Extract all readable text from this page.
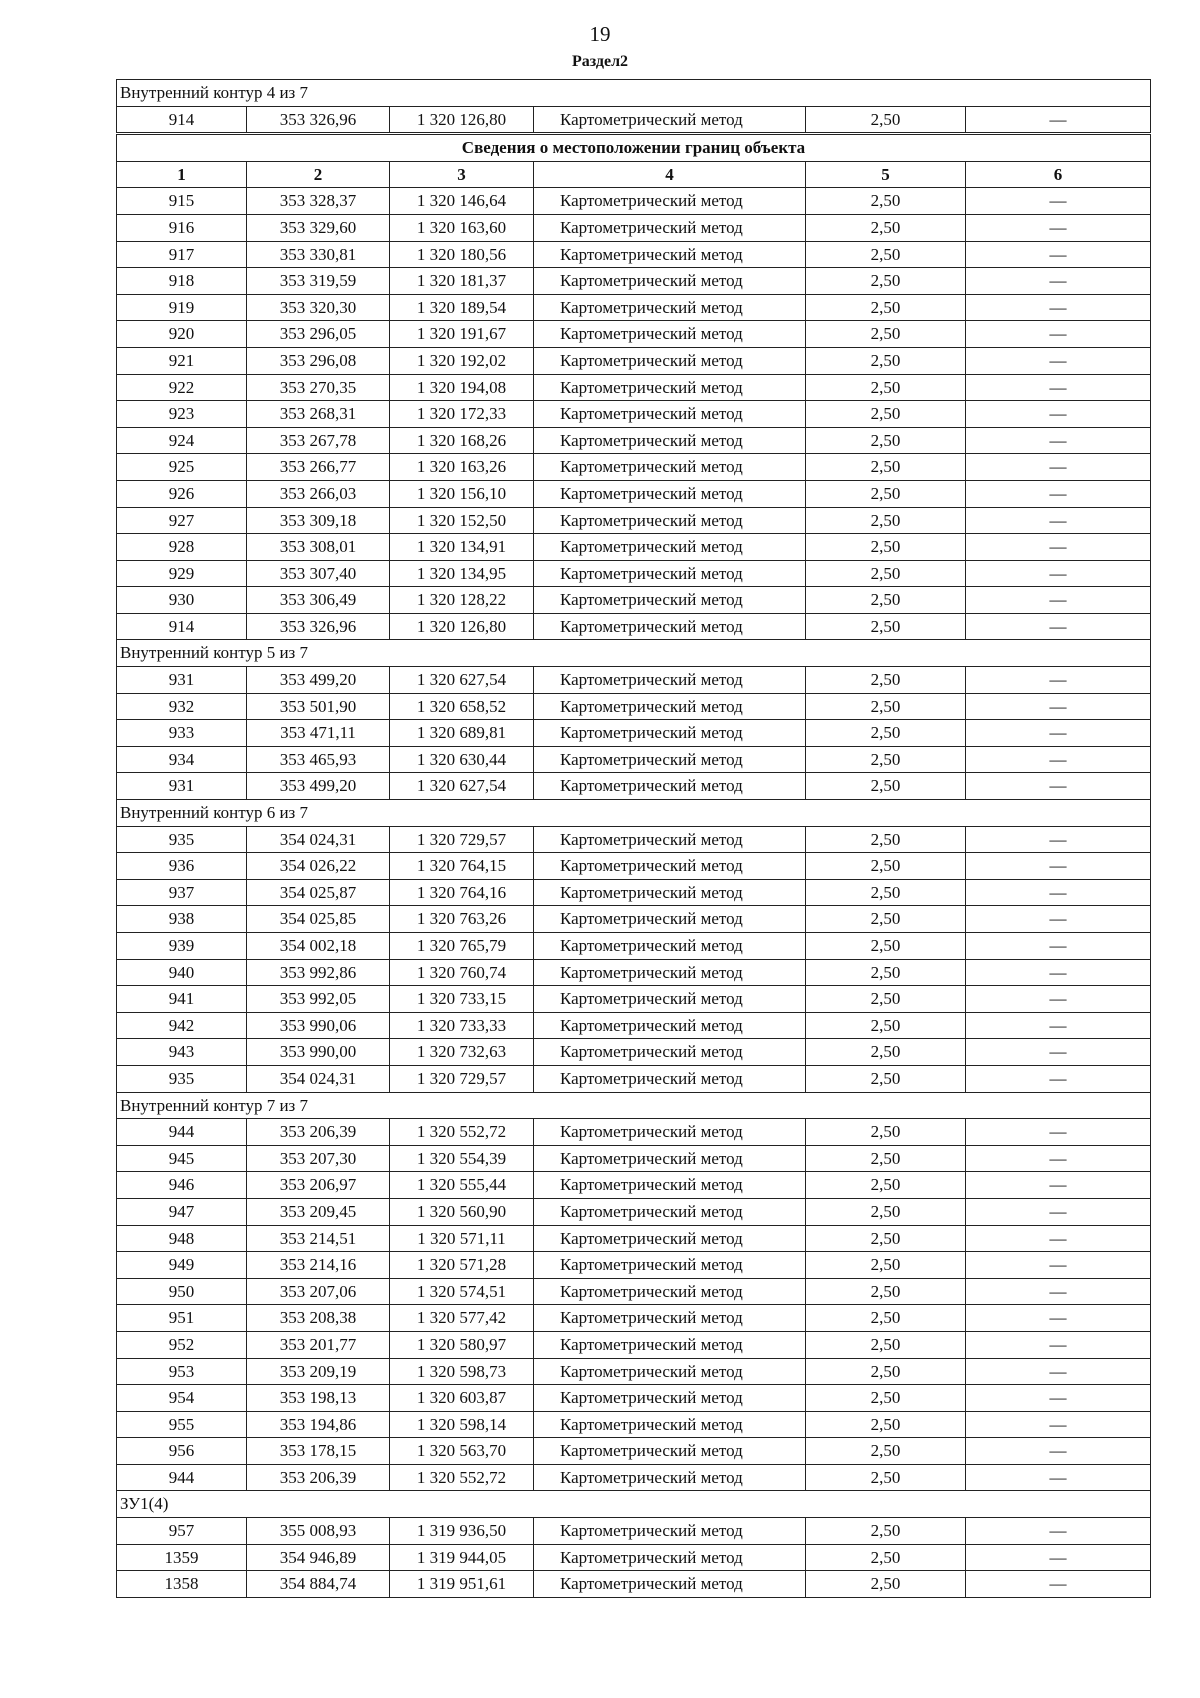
19
Раздел2
Внутренний контур 4 из 7					
914	353 326,96	1 320 126,80	Картометрический метод	2,50	—
Сведения о местоположении границ объекта					
1	2	3	4	5	6
915	353 328,37	1 320 146,64	Картометрический метод	2,50	—
916	353 329,60	1 320 163,60	Картометрический метод	2,50	—
917	353 330,81	1 320 180,56	Картометрический метод	2,50	—
918	353 319,59	1 320 181,37	Картометрический метод	2,50	—
919	353 320,30	1 320 189,54	Картометрический метод	2,50	—
920	353 296,05	1 320 191,67	Картометрический метод	2,50	—
921	353 296,08	1 320 192,02	Картометрический метод	2,50	—
922	353 270,35	1 320 194,08	Картометрический метод	2,50	—
923	353 268,31	1 320 172,33	Картометрический метод	2,50	—
924	353 267,78	1 320 168,26	Картометрический метод	2,50	—
925	353 266,77	1 320 163,26	Картометрический метод	2,50	—
926	353 266,03	1 320 156,10	Картометрический метод	2,50	—
927	353 309,18	1 320 152,50	Картометрический метод	2,50	—
928	353 308,01	1 320 134,91	Картометрический метод	2,50	—
929	353 307,40	1 320 134,95	Картометрический метод	2,50	—
930	353 306,49	1 320 128,22	Картометрический метод	2,50	—
914	353 326,96	1 320 126,80	Картометрический метод	2,50	—
Внутренний контур 5 из 7					
931	353 499,20	1 320 627,54	Картометрический метод	2,50	—
932	353 501,90	1 320 658,52	Картометрический метод	2,50	—
933	353 471,11	1 320 689,81	Картометрический метод	2,50	—
934	353 465,93	1 320 630,44	Картометрический метод	2,50	—
931	353 499,20	1 320 627,54	Картометрический метод	2,50	—
Внутренний контур 6 из 7					
935	354 024,31	1 320 729,57	Картометрический метод	2,50	—
936	354 026,22	1 320 764,15	Картометрический метод	2,50	—
937	354 025,87	1 320 764,16	Картометрический метод	2,50	—
938	354 025,85	1 320 763,26	Картометрический метод	2,50	—
939	354 002,18	1 320 765,79	Картометрический метод	2,50	—
940	353 992,86	1 320 760,74	Картометрический метод	2,50	—
941	353 992,05	1 320 733,15	Картометрический метод	2,50	—
942	353 990,06	1 320 733,33	Картометрический метод	2,50	—
943	353 990,00	1 320 732,63	Картометрический метод	2,50	—
935	354 024,31	1 320 729,57	Картометрический метод	2,50	—
Внутренний контур 7 из 7					
944	353 206,39	1 320 552,72	Картометрический метод	2,50	—
945	353 207,30	1 320 554,39	Картометрический метод	2,50	—
946	353 206,97	1 320 555,44	Картометрический метод	2,50	—
947	353 209,45	1 320 560,90	Картометрический метод	2,50	—
948	353 214,51	1 320 571,11	Картометрический метод	2,50	—
949	353 214,16	1 320 571,28	Картометрический метод	2,50	—
950	353 207,06	1 320 574,51	Картометрический метод	2,50	—
951	353 208,38	1 320 577,42	Картометрический метод	2,50	—
952	353 201,77	1 320 580,97	Картометрический метод	2,50	—
953	353 209,19	1 320 598,73	Картометрический метод	2,50	—
954	353 198,13	1 320 603,87	Картометрический метод	2,50	—
955	353 194,86	1 320 598,14	Картометрический метод	2,50	—
956	353 178,15	1 320 563,70	Картометрический метод	2,50	—
944	353 206,39	1 320 552,72	Картометрический метод	2,50	—
ЗУ1(4)					
957	355 008,93	1 319 936,50	Картометрический метод	2,50	—
1359	354 946,89	1 319 944,05	Картометрический метод	2,50	—
1358	354 884,74	1 319 951,61	Картометрический метод	2,50	—
